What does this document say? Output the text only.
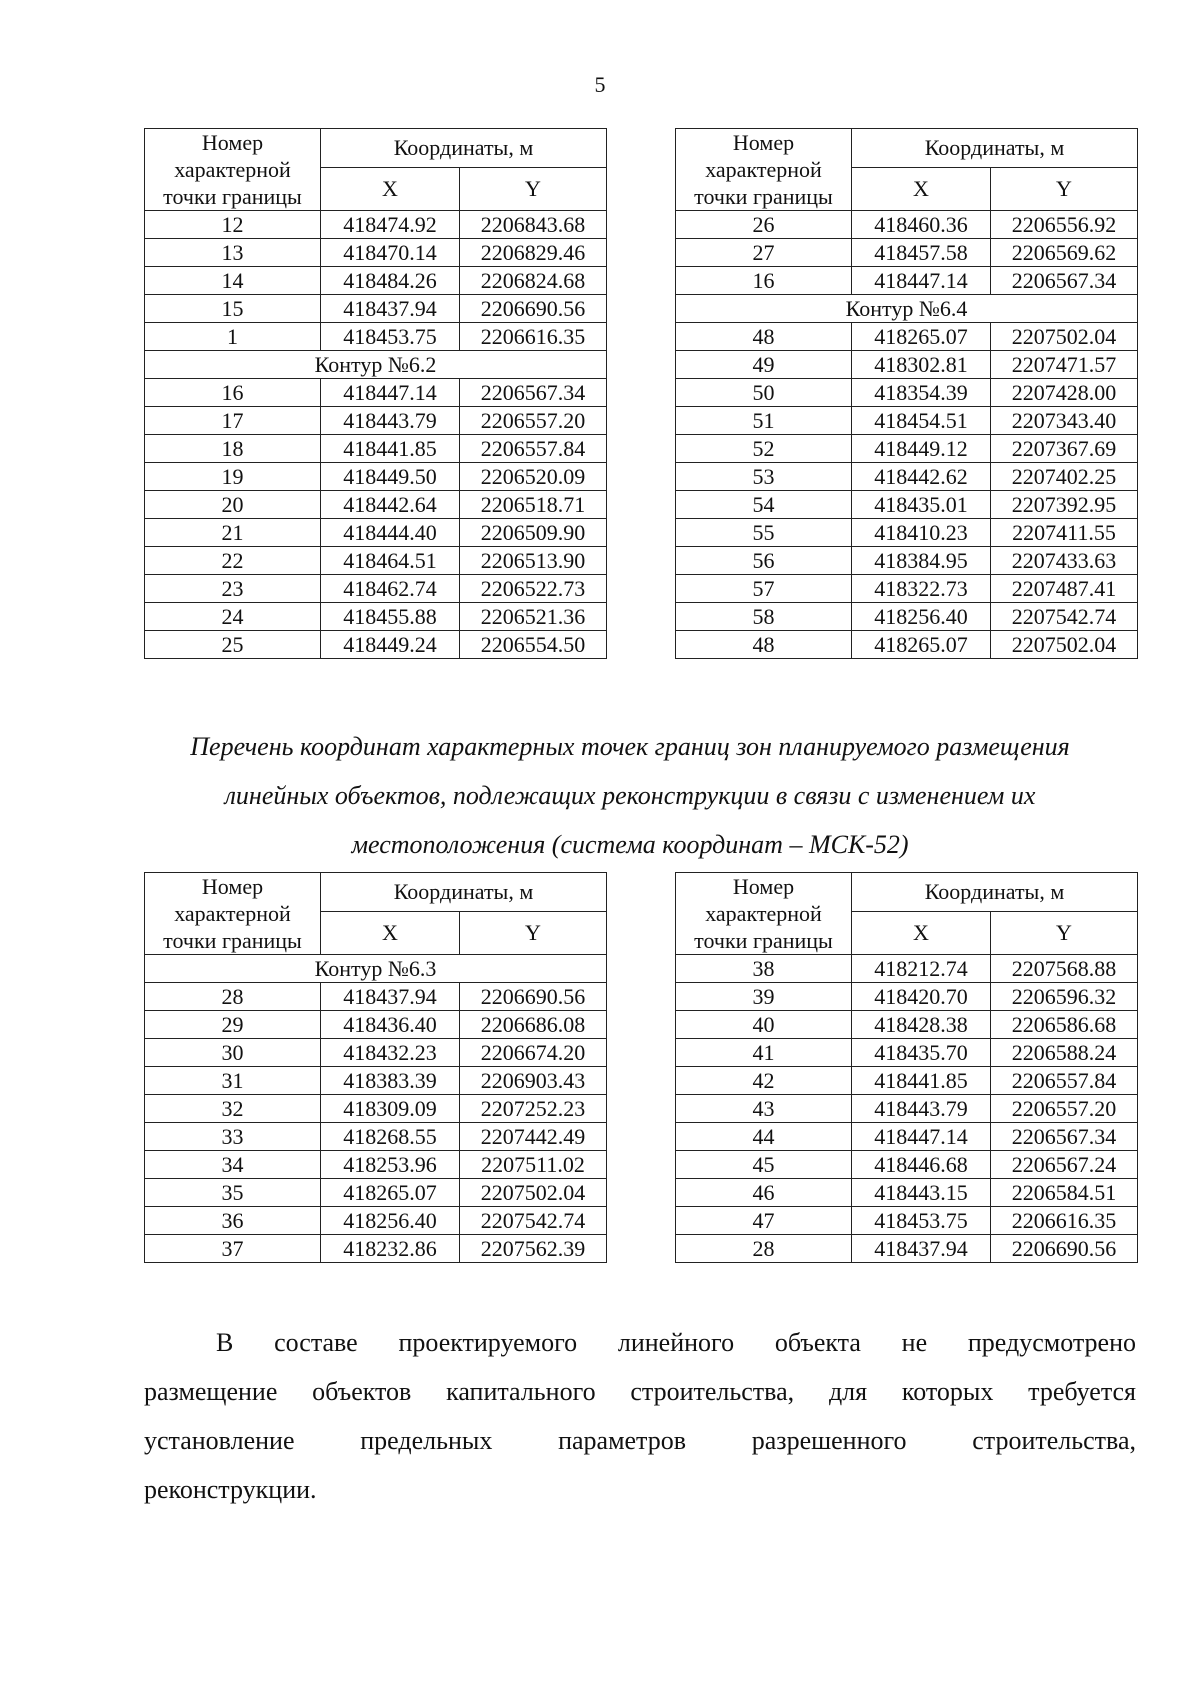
5
Номер характерной точки границы	Координаты, м	
	X	Y
12	418474.92	2206843.68
13	418470.14	2206829.46
14	418484.26	2206824.68
15	418437.94	2206690.56
1	418453.75	2206616.35
Контур №6.2		
16	418447.14	2206567.34
17	418443.79	2206557.20
18	418441.85	2206557.84
19	418449.50	2206520.09
20	418442.64	2206518.71
21	418444.40	2206509.90
22	418464.51	2206513.90
23	418462.74	2206522.73
24	418455.88	2206521.36
25	418449.24	2206554.50
Номер характерной точки границы	Координаты, м	
	X	Y
26	418460.36	2206556.92
27	418457.58	2206569.62
16	418447.14	2206567.34
Контур №6.4		
48	418265.07	2207502.04
49	418302.81	2207471.57
50	418354.39	2207428.00
51	418454.51	2207343.40
52	418449.12	2207367.69
53	418442.62	2207402.25
54	418435.01	2207392.95
55	418410.23	2207411.55
56	418384.95	2207433.63
57	418322.73	2207487.41
58	418256.40	2207542.74
48	418265.07	2207502.04
Перечень координат характерных точек границ зон планируемого размещения
линейных объектов, подлежащих реконструкции в связи с изменением их
местоположения (система координат – МСК-52)
Номер характерной точки границы	Координаты, м	
	X	Y
Контур №6.3		
28	418437.94	2206690.56
29	418436.40	2206686.08
30	418432.23	2206674.20
31	418383.39	2206903.43
32	418309.09	2207252.23
33	418268.55	2207442.49
34	418253.96	2207511.02
35	418265.07	2207502.04
36	418256.40	2207542.74
37	418232.86	2207562.39
Номер характерной точки границы	Координаты, м	
	X	Y
38	418212.74	2207568.88
39	418420.70	2206596.32
40	418428.38	2206586.68
41	418435.70	2206588.24
42	418441.85	2206557.84
43	418443.79	2206557.20
44	418447.14	2206567.34
45	418446.68	2206567.24
46	418443.15	2206584.51
47	418453.75	2206616.35
28	418437.94	2206690.56
В составе проектируемого линейного объекта не предусмотрено
размещение объектов капитального строительства, для которых требуется
установление предельных параметров разрешенного строительства,
реконструкции.
